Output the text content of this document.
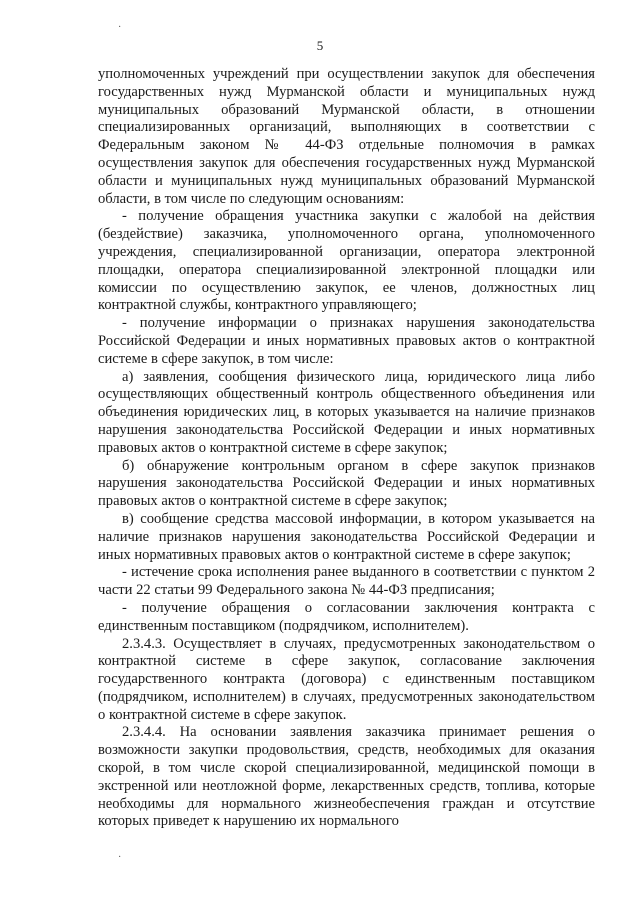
·
5

уполномоченных учреждений при осуществлении закупок для обеспечения государственных нужд Мурманской области и муниципальных нужд муниципальных образований Мурманской области, в отношении специализированных организаций, выполняющих в соответствии с Федеральным законом № 44-ФЗ отдельные полномочия в рамках осуществления закупок для обеспечения государственных нужд Мурманской области и муниципальных нужд муниципальных образований Мурманской области, в том числе по следующим основаниям:

- получение обращения участника закупки с жалобой на действия (бездействие) заказчика, уполномоченного органа, уполномоченного учреждения, специализированной организации, оператора электронной площадки, оператора специализированной электронной площадки или комиссии по осуществлению закупок, ее членов, должностных лиц контрактной службы, контрактного управляющего;

- получение информации о признаках нарушения законодательства Российской Федерации и иных нормативных правовых актов о контрактной системе в сфере закупок, в том числе:

а) заявления, сообщения физического лица, юридического лица либо осуществляющих общественный контроль общественного объединения или объединения юридических лиц, в которых указывается на наличие признаков нарушения законодательства Российской Федерации и иных нормативных правовых актов о контрактной системе в сфере закупок;

б) обнаружение контрольным органом в сфере закупок признаков нарушения законодательства Российской Федерации и иных нормативных правовых актов о контрактной системе в сфере закупок;

в) сообщение средства массовой информации, в котором указывается на наличие признаков нарушения законодательства Российской Федерации и иных нормативных правовых актов о контрактной системе в сфере закупок;

- истечение срока исполнения ранее выданного в соответствии с пунктом 2 части 22 статьи 99 Федерального закона № 44-ФЗ предписания;

- получение обращения о согласовании заключения контракта с единственным поставщиком (подрядчиком, исполнителем).

2.3.4.3. Осуществляет в случаях, предусмотренных законодательством о контрактной системе в сфере закупок, согласование заключения государственного контракта (договора) с единственным поставщиком (подрядчиком, исполнителем) в случаях, предусмотренных законодательством о контрактной системе в сфере закупок.

2.3.4.4. На основании заявления заказчика принимает решения о возможности закупки продовольствия, средств, необходимых для оказания скорой, в том числе скорой специализированной, медицинской помощи в экстренной или неотложной форме, лекарственных средств, топлива, которые необходимы для нормального жизнеобеспечения граждан и отсутствие которых приведет к нарушению их нормального

·
